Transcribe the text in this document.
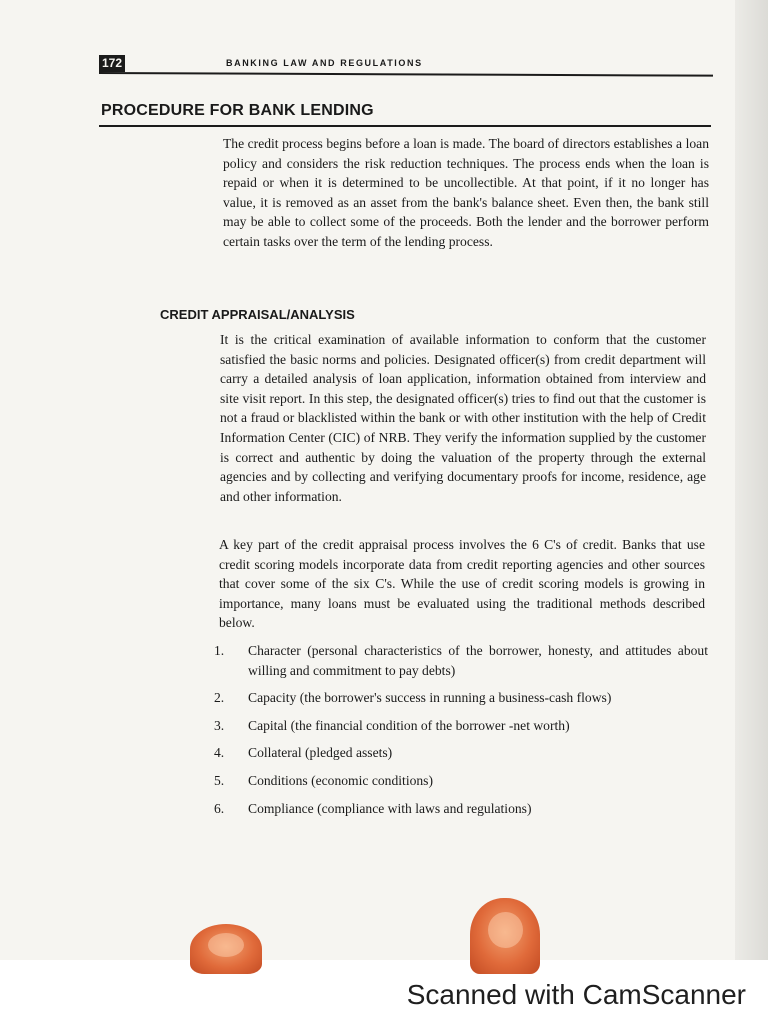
172	BANKING LAW AND REGULATIONS
PROCEDURE FOR BANK LENDING

The credit process begins before a loan is made. The board of directors establishes a loan policy and considers the risk reduction techniques. The process ends when the loan is repaid or when it is determined to be uncollectible. At that point, if it no longer has value, it is removed as an asset from the bank's balance sheet. Even then, the bank still may be able to collect some of the proceeds. Both the lender and the borrower perform certain tasks over the term of the lending process.

CREDIT APPRAISAL/ANALYSIS

It is the critical examination of available information to conform that the customer satisfied the basic norms and policies. Designated officer(s) from credit department will carry a detailed analysis of loan application, information obtained from interview and site visit report. In this step, the designated officer(s) tries to find out that the customer is not a fraud or blacklisted within the bank or with other institution with the help of Credit Information Center (CIC) of NRB. They verify the information supplied by the customer is correct and authentic by doing the valuation of the property through the external agencies and by collecting and verifying documentary proofs for income, residence, age and other information.

A key part of the credit appraisal process involves the 6 C's of credit. Banks that use credit scoring models incorporate data from credit reporting agencies and other sources that cover some of the six C's. While the use of credit scoring models is growing in importance, many loans must be evaluated using the traditional methods described below.

1.	Character (personal characteristics of the borrower, honesty, and attitudes about willing and commitment to pay debts)
2.	Capacity (the borrower's success in running a business-cash flows)
3.	Capital (the financial condition of the borrower -net worth)
4.	Collateral (pledged assets)
5.	Conditions (economic conditions)
6.	Compliance (compliance with laws and regulations)
Scanned with CamScanner
